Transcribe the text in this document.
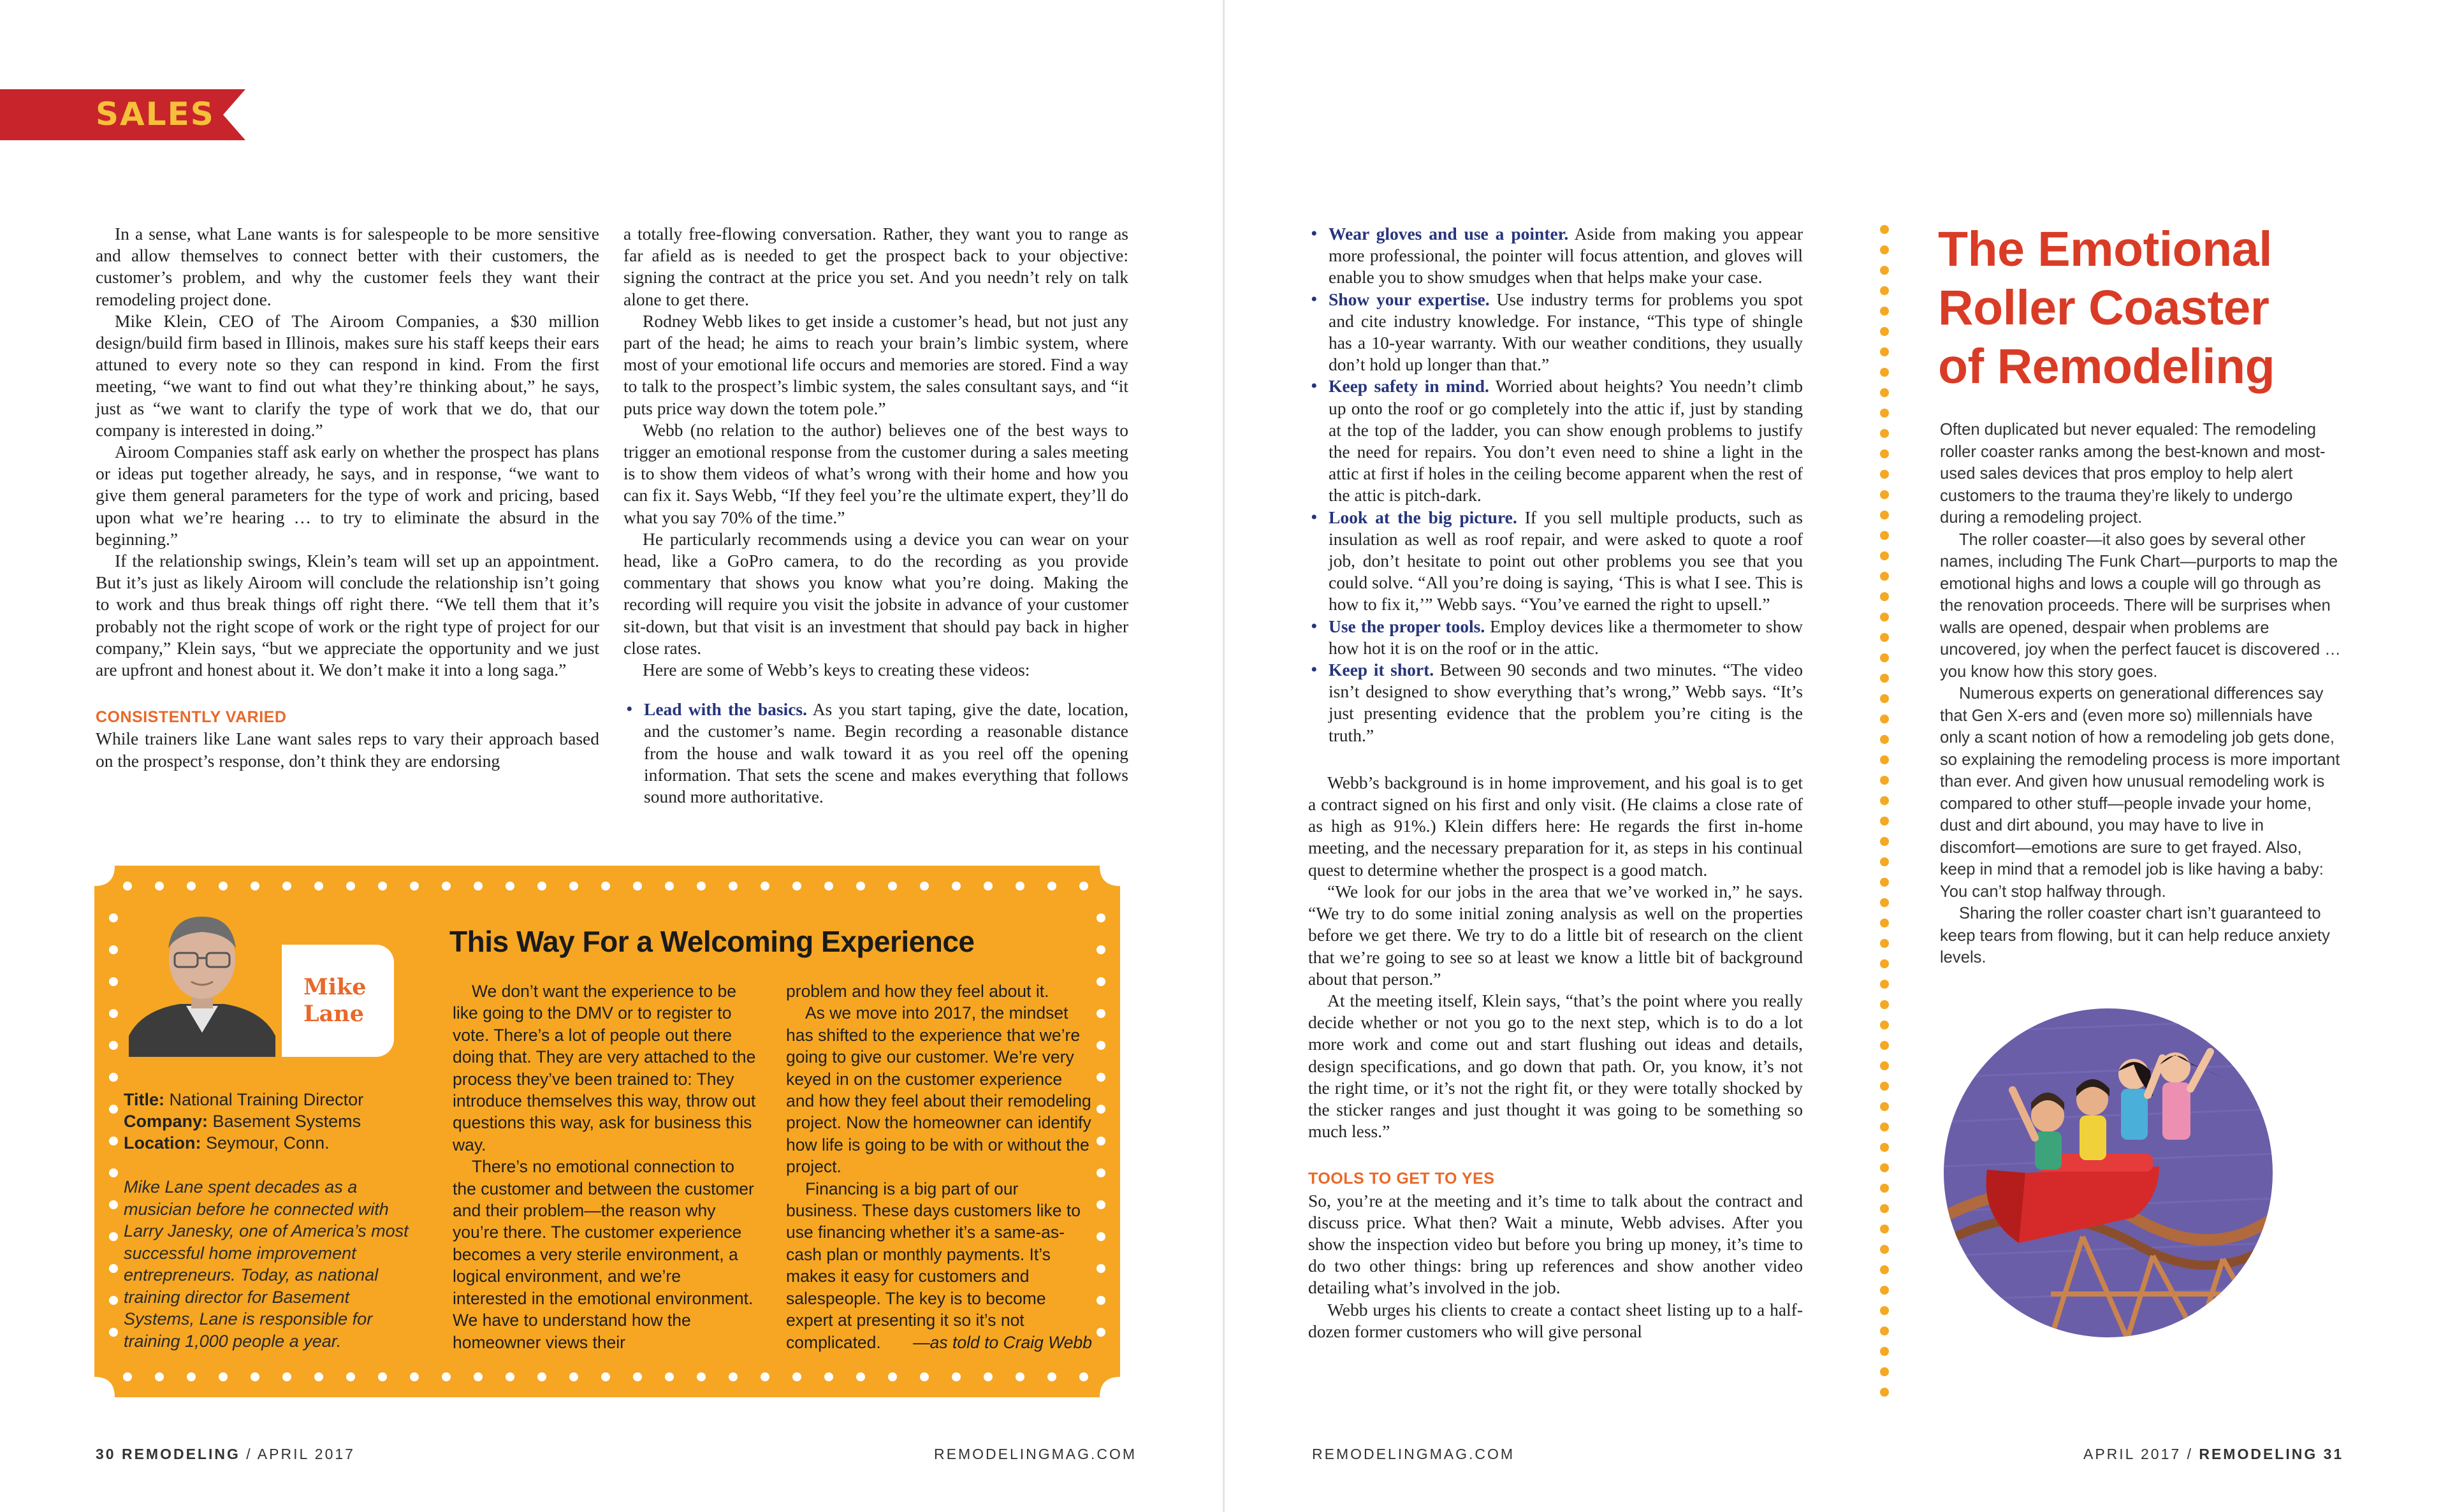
SALES

In a sense, what Lane wants is for salespeople to be more sensitive and allow themselves to connect better with their customers, the customer’s problem, and why the customer feels they want their remodeling project done.

Mike Klein, CEO of The Airoom Companies, a $30 million design/build firm based in Illinois, makes sure his staff keeps their ears attuned to every note so they can respond in kind. From the first meeting, “we want to find out what they’re thinking about,” he says, just as “we want to clarify the type of work that we do, that our company is interested in doing.”

Airoom Companies staff ask early on whether the prospect has plans or ideas put together already, he says, and in response, “we want to give them general parameters for the type of work and pricing, based upon what we’re hearing … to try to eliminate the absurd in the beginning.”

If the relationship swings, Klein’s team will set up an appointment. But it’s just as likely Airoom will conclude the relationship isn’t going to work and thus break things off right there. “We tell them that it’s probably not the right scope of work or the right type of project for our company,” Klein says, “but we appreciate the opportunity and we just are upfront and honest about it. We don’t make it into a long saga.”

CONSISTENTLY VARIED

While trainers like Lane want sales reps to vary their approach based on the prospect’s response, don’t think they are endorsing

a totally free-flowing conversation. Rather, they want you to range as far afield as is needed to get the prospect back to your objective: signing the contract at the price you set. And you needn’t rely on talk alone to get there.

Rodney Webb likes to get inside a customer’s head, but not just any part of the head; he aims to reach your brain’s limbic system, where most of your emotional life occurs and memories are stored. Find a way to talk to the prospect’s limbic system, the sales consultant says, and “it puts price way down the totem pole.”

Webb (no relation to the author) believes one of the best ways to trigger an emotional response from the customer during a sales meeting is to show them videos of what’s wrong with their home and how you can fix it. Says Webb, “If they feel you’re the ultimate expert, they’ll do what you say 70% of the time.”

He particularly recommends using a device you can wear on your head, like a GoPro camera, to do the recording as you provide commentary that shows you know what you’re doing. Making the recording will require you visit the jobsite in advance of your customer sit-down, but that visit is an investment that should pay back in higher close rates.

Here are some of Webb’s keys to creating these videos:

• Lead with the basics. As you start taping, give the date, location, and the customer’s name. Begin recording a reasonable distance from the house and walk toward it as you reel off the opening information. That sets the scene and makes everything that follows sound more authoritative.
Mike Lane
This Way For a Welcoming Experience
Title: National Training Director
Company: Basement Systems
Location: Seymour, Conn.
Mike Lane spent decades as a musician before he connected with Larry Janesky, one of America’s most successful home improvement entrepreneurs. Today, as national training director for Basement Systems, Lane is responsible for training 1,000 people a year.

We don’t want the experience to be like going to the DMV or to register to vote. There’s a lot of people out there doing that. They are very attached to the process they’ve been trained to: They introduce themselves this way, throw out questions this way, ask for business this way.

There’s no emotional connection to the customer and between the customer and their problem—the reason why you’re there. The customer experience becomes a very sterile environment, a logical environment, and we’re interested in the emotional environment. We have to understand how the homeowner views their

problem and how they feel about it.

As we move into 2017, the mindset has shifted to the experience that we’re going to give our customer. We’re very keyed in on the customer experience and how they feel about their remodeling project. Now the homeowner can identify how life is going to be with or without the project.

Financing is a big part of our business. These days customers like to use financing whether it’s a same-as-cash plan or monthly payments. It’s makes it easy for customers and salespeople. The key is to become expert at presenting it so it’s not complicated.	—as told to Craig Webb

30 REMODELING / APRIL 2017	REMODELINGMAG.COM
• Wear gloves and use a pointer. Aside from making you appear more professional, the pointer will focus attention, and gloves will enable you to show smudges when that helps make your case.
• Show your expertise. Use industry terms for problems you spot and cite industry knowledge. For instance, “This type of shingle has a 10-year warranty. With our weather conditions, they usually don’t hold up longer than that.”
• Keep safety in mind. Worried about heights? You needn’t climb up onto the roof or go completely into the attic if, just by standing at the top of the ladder, you can show enough problems to justify the need for repairs. You don’t even need to shine a light in the attic at first if holes in the ceiling become apparent when the rest of the attic is pitch-dark.
• Look at the big picture. If you sell multiple products, such as insulation as well as roof repair, and were asked to quote a roof job, don’t hesitate to point out other problems you see that you could solve. “All you’re doing is saying, ‘This is what I see. This is how to fix it,’” Webb says. “You’ve earned the right to upsell.”
• Use the proper tools. Employ devices like a thermometer to show how hot it is on the roof or in the attic.
• Keep it short. Between 90 seconds and two minutes. “The video isn’t designed to show everything that’s wrong,” Webb says. “It’s just presenting evidence that the problem you’re citing is the truth.”

Webb’s background is in home improvement, and his goal is to get a contract signed on his first and only visit. (He claims a close rate of as high as 91%.) Klein differs here: He regards the first in-home meeting, and the necessary preparation for it, as steps in his continual quest to determine whether the prospect is a good match.

“We look for our jobs in the area that we’ve worked in,” he says. “We try to do some initial zoning analysis as well on the properties before we get there. We try to do a little bit of research on the client that we’re going to see so at least we know a little bit of background about that person.”

At the meeting itself, Klein says, “that’s the point where you really decide whether or not you go to the next step, which is to do a lot more work and come out and start flushing out ideas and details, design specifications, and go down that path. Or, you know, it’s not the right time, or it’s not the right fit, or they were totally shocked by the sticker ranges and just thought it was going to be something so much less.”

TOOLS TO GET TO YES

So, you’re at the meeting and it’s time to talk about the contract and discuss price. What then? Wait a minute, Webb advises. After you show the inspection video but before you bring up money, it’s time to do two other things: bring up references and show another video detailing what’s involved in the job.

Webb urges his clients to create a contact sheet listing up to a half-dozen former customers who will give personal

The Emotional
Roller Coaster
of Remodeling

Often duplicated but never equaled: The remodeling roller coaster ranks among the best-known and most-used sales devices that pros employ to help alert customers to the trauma they’re likely to undergo during a remodeling project.

The roller coaster—it also goes by several other names, including The Funk Chart—purports to map the emotional highs and lows a couple will go through as the renovation proceeds. There will be surprises when walls are opened, despair when problems are uncovered, joy when the perfect faucet is discovered … you know how this story goes.

Numerous experts on generational differences say that Gen X-ers and (even more so) millennials have only a scant notion of how a remodeling job gets done, so explaining the remodeling process is more important than ever. And given how unusual remodeling work is compared to other stuff—people invade your home, dust and dirt abound, you may have to live in discomfort—emotions are sure to get frayed. Also, keep in mind that a remodel job is like having a baby: You can’t stop halfway through.

Sharing the roller coaster chart isn’t guaranteed to keep tears from flowing, but it can help reduce anxiety levels.

REMODELINGMAG.COM	APRIL 2017 / REMODELING 31
